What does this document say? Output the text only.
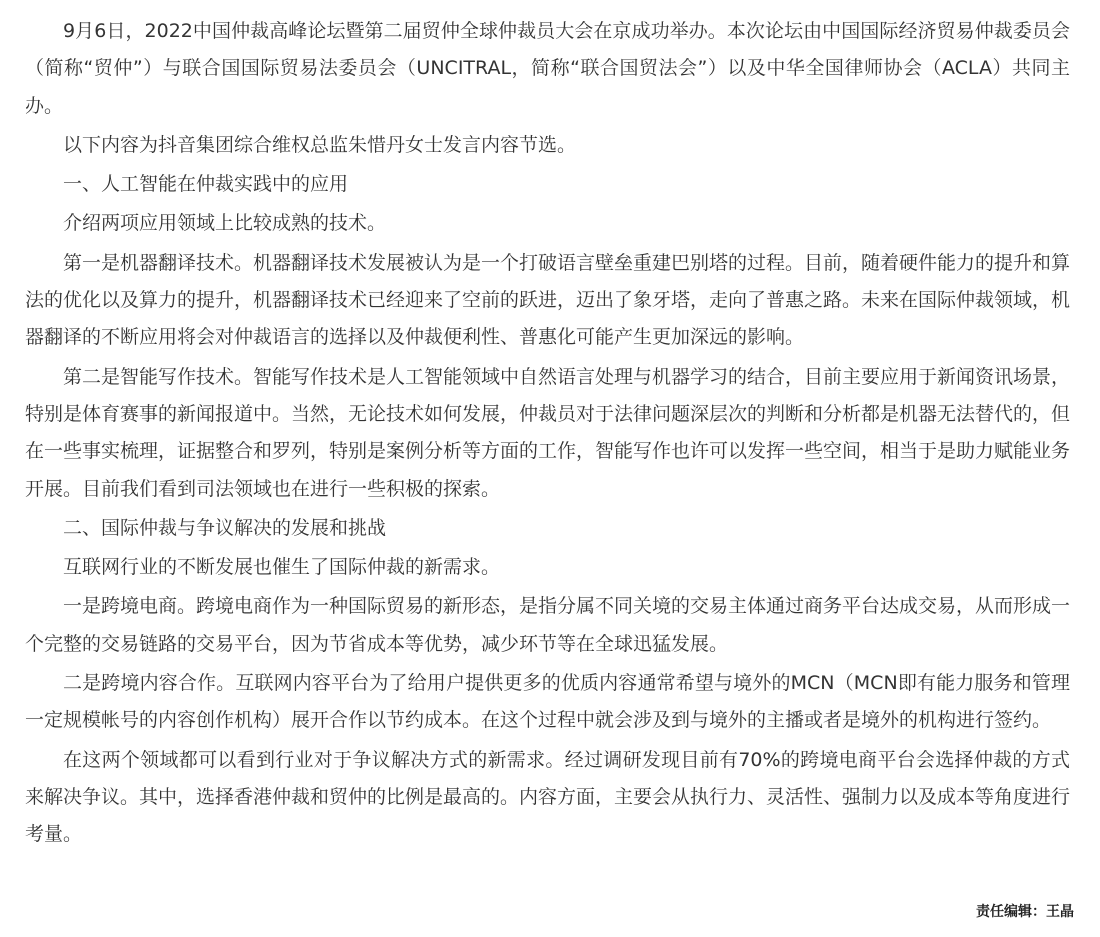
9月6日，2022中国仲裁高峰论坛暨第二届贸仲全球仲裁员大会在京成功举办。本次论坛由中国国际经济贸易仲裁委员会（简称“贸仲”）与联合国国际贸易法委员会（UNCITRAL，简称“联合国贸法会”）以及中华全国律师协会（ACLA）共同主办。

以下内容为抖音集团综合维权总监朱惜丹女士发言内容节选。

一、人工智能在仲裁实践中的应用

介绍两项应用领域上比较成熟的技术。

第一是机器翻译技术。机器翻译技术发展被认为是一个打破语言壁垒重建巴别塔的过程。目前，随着硬件能力的提升和算法的优化以及算力的提升，机器翻译技术已经迎来了空前的跃进，迈出了象牙塔，走向了普惠之路。未来在国际仲裁领域，机器翻译的不断应用将会对仲裁语言的选择以及仲裁便利性、普惠化可能产生更加深远的影响。

第二是智能写作技术。智能写作技术是人工智能领域中自然语言处理与机器学习的结合，目前主要应用于新闻资讯场景，特别是体育赛事的新闻报道中。当然，无论技术如何发展，仲裁员对于法律问题深层次的判断和分析都是机器无法替代的，但在一些事实梳理，证据整合和罗列，特别是案例分析等方面的工作，智能写作也许可以发挥一些空间，相当于是助力赋能业务开展。目前我们看到司法领域也在进行一些积极的探索。

二、国际仲裁与争议解决的发展和挑战

互联网行业的不断发展也催生了国际仲裁的新需求。

一是跨境电商。跨境电商作为一种国际贸易的新形态，是指分属不同关境的交易主体通过商务平台达成交易，从而形成一个完整的交易链路的交易平台，因为节省成本等优势，减少环节等在全球迅猛发展。

二是跨境内容合作。互联网内容平台为了给用户提供更多的优质内容通常希望与境外的MCN（MCN即有能力服务和管理一定规模帐号的内容创作机构）展开合作以节约成本。在这个过程中就会涉及到与境外的主播或者是境外的机构进行签约。

在这两个领域都可以看到行业对于争议解决方式的新需求。经过调研发现目前有70%的跨境电商平台会选择仲裁的方式来解决争议。其中，选择香港仲裁和贸仲的比例是最高的。内容方面，主要会从执行力、灵活性、强制力以及成本等角度进行考量。

责任编辑：王晶
